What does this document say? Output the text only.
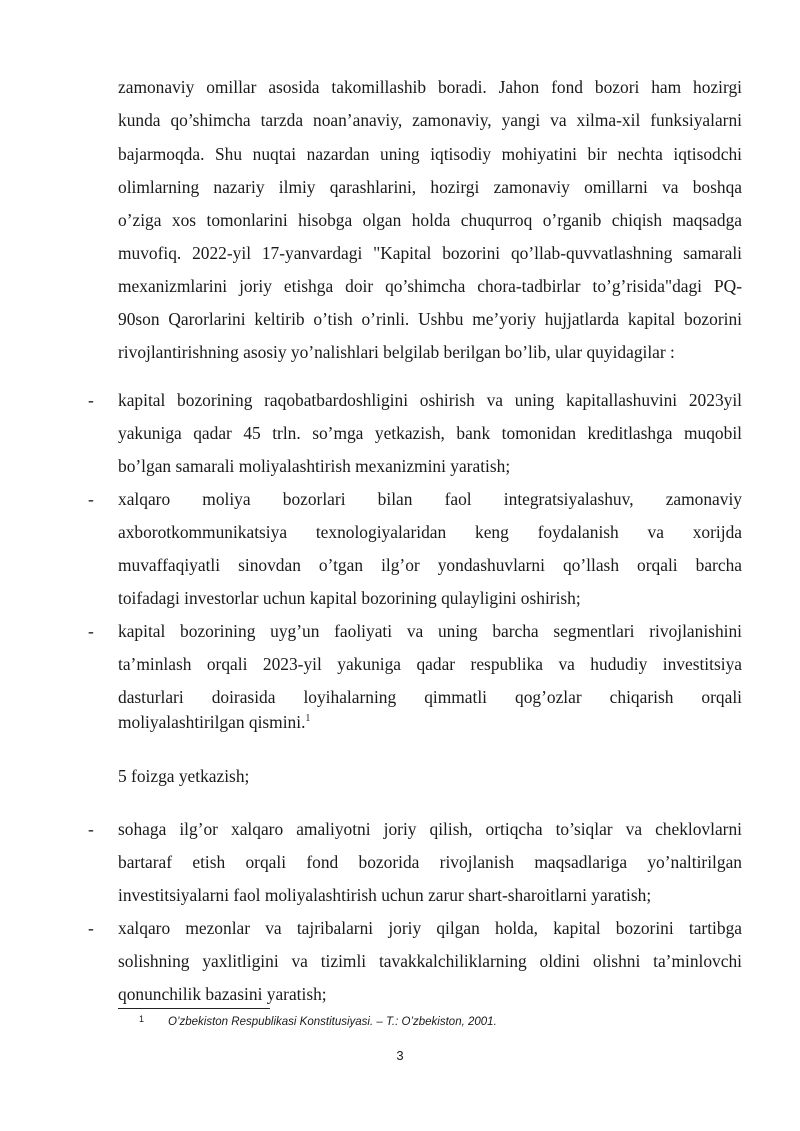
zamonaviy omillar asosida takomillashib boradi. Jahon fond bozori ham hozirgi
kunda qo’shimcha tarzda noan’anaviy, zamonaviy, yangi va xilma-xil funksiyalarni
bajarmoqda. Shu nuqtai nazardan uning iqtisodiy mohiyatini bir nechta iqtisodchi
olimlarning nazariy ilmiy qarashlarini, hozirgi zamonaviy omillarni va boshqa
o’ziga xos tomonlarini hisobga olgan holda chuqurroq o’rganib chiqish maqsadga
muvofiq. 2022-yil 17-yanvardagi "Kapital bozorini qo’llab-quvvatlashning samarali
mexanizmlarini joriy etishga doir qo’shimcha chora-tadbirlar to’g’risida"dagi PQ-
90son Qarorlarini keltirib o’tish o’rinli. Ushbu me’yoriy hujjatlarda kapital bozorini
rivojlantirishning asosiy yo’nalishlari belgilab berilgan bo’lib, ular quyidagilar :
- kapital bozorining raqobatbardoshligini oshirish va uning kapitallashuvini 2023yil
yakuniga qadar 45 trln. so’mga yetkazish, bank tomonidan kreditlashga muqobil
bo’lgan samarali moliyalashtirish mexanizmini yaratish;
- xalqaro moliya bozorlari bilan faol integratsiyalashuv, zamonaviy
axborotkommunikatsiya texnologiyalaridan keng foydalanish va xorijda
muvaffaqiyatli sinovdan o’tgan ilg’or yondashuvlarni qo’llash orqali barcha
toifadagi investorlar uchun kapital bozorining qulayligini oshirish;
- kapital bozorining uyg’un faoliyati va uning barcha segmentlari rivojlanishini
ta’minlash orqali 2023-yil yakuniga qadar respublika va hududiy investitsiya
dasturlari doirasida loyihalarning qimmatli qog’ozlar chiqarish orqali
moliyalashtirilgan qismini.$^1$
5 foizga yetkazish;
- sohaga ilg’or xalqaro amaliyotni joriy qilish, ortiqcha to’siqlar va cheklovlarni
bartaraf etish orqali fond bozorida rivojlanish maqsadlariga yo’naltirilgan
investitsiyalarni faol moliyalashtirish uchun zarur shart-sharoitlarni yaratish;
- xalqaro mezonlar va tajribalarni joriy qilgan holda, kapital bozorini tartibga
solishning yaxlitligini va tizimli tavakkalchiliklarning oldini olishni ta’minlovchi
qonunchilik bazasini yaratish;
1 O’zbekiston Respublikasi Konstitusiyasi. – T.: O’zbekiston, 2001.
3
